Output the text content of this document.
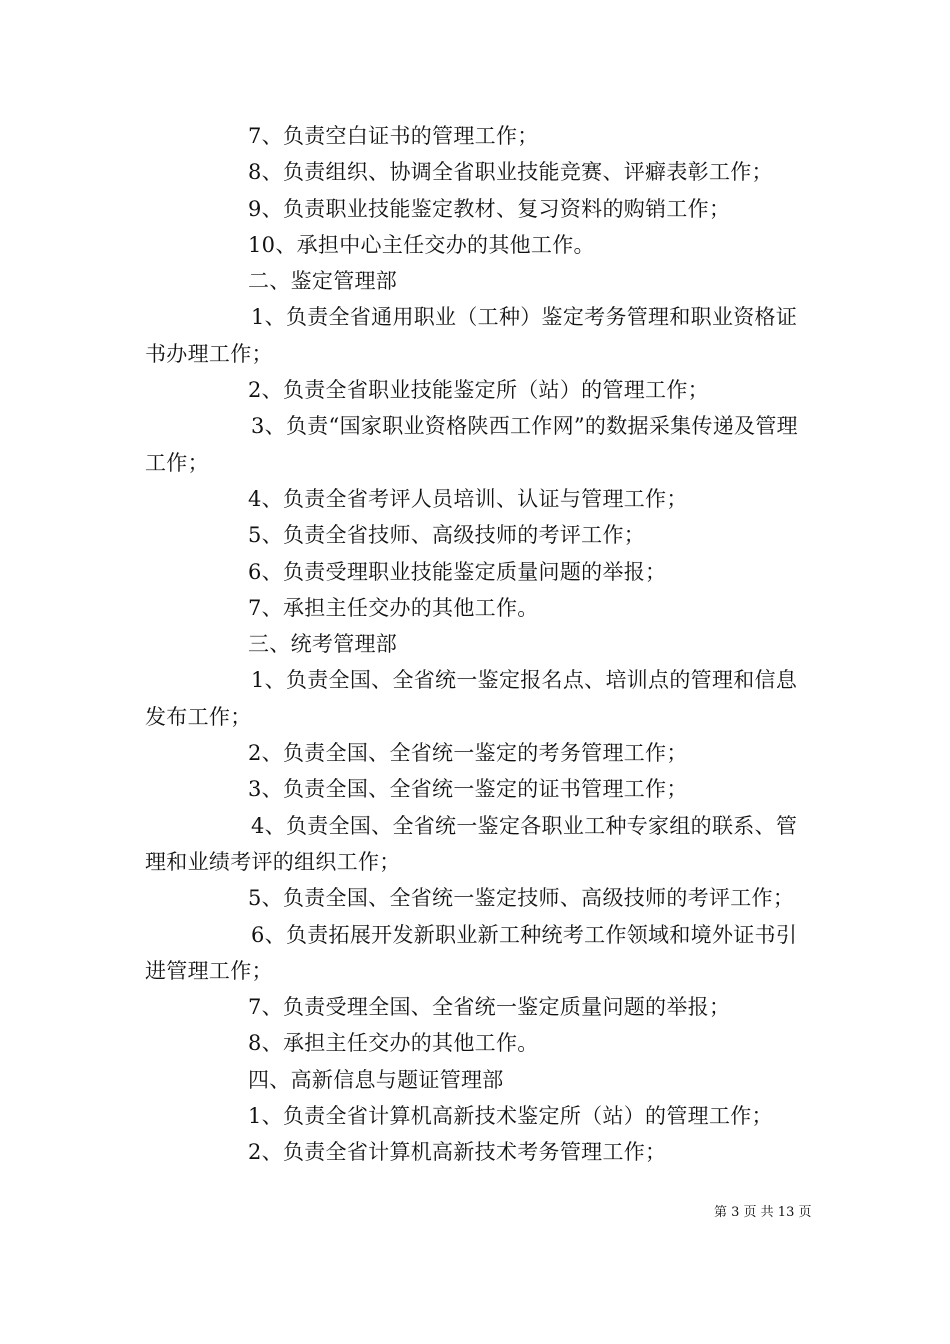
7、负责空白证书的管理工作；

8、负责组织、协调全省职业技能竞赛、评癖表彰工作；

9、负责职业技能鉴定教材、复习资料的购销工作；

10、承担中心主任交办的其他工作。

二、鉴定管理部

1、负责全省通用职业（工种）鉴定考务管理和职业资格证书办理工作；

2、负责全省职业技能鉴定所（站）的管理工作；

3、负责“国家职业资格陕西工作网”的数据采集传递及管理工作；

4、负责全省考评人员培训、认证与管理工作；

5、负责全省技师、高级技师的考评工作；

6、负责受理职业技能鉴定质量问题的举报；

7、承担主任交办的其他工作。

三、统考管理部

1、负责全国、全省统一鉴定报名点、培训点的管理和信息发布工作；

2、负责全国、全省统一鉴定的考务管理工作；

3、负责全国、全省统一鉴定的证书管理工作；

4、负责全国、全省统一鉴定各职业工种专家组的联系、管理和业绩考评的组织工作；

5、负责全国、全省统一鉴定技师、高级技师的考评工作；

6、负责拓展开发新职业新工种统考工作领域和境外证书引进管理工作；

7、负责受理全国、全省统一鉴定质量问题的举报；

8、承担主任交办的其他工作。

四、高新信息与题证管理部

1、负责全省计算机高新技术鉴定所（站）的管理工作；

2、负责全省计算机高新技术考务管理工作；

第 3 页 共 13 页
